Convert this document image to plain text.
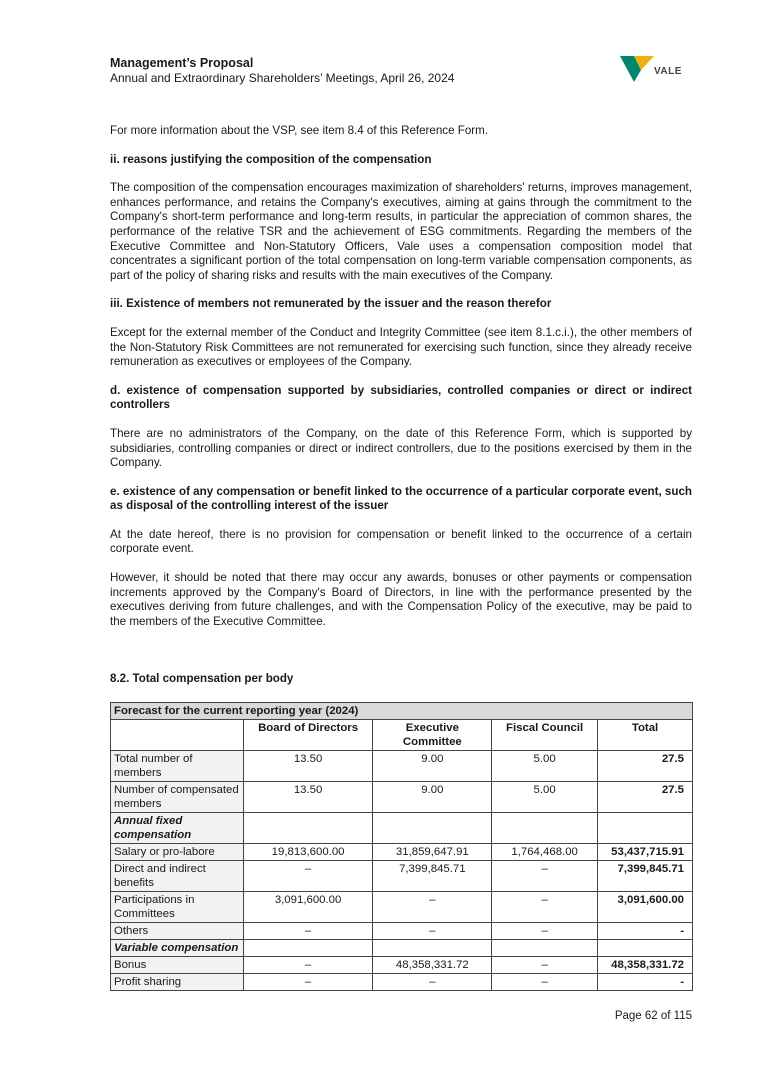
Management’s Proposal
Annual and Extraordinary Shareholders’ Meetings, April 26, 2024	VALE

For more information about the VSP, see item 8.4 of this Reference Form.

ii. reasons justifying the composition of the compensation

The composition of the compensation encourages maximization of shareholders' returns, improves management, enhances performance, and retains the Company's executives, aiming at gains through the commitment to the Company's short-term performance and long-term results, in particular the appreciation of common shares, the performance of the relative TSR and the achievement of ESG commitments. Regarding the members of the Executive Committee and Non-Statutory Officers, Vale uses a compensation composition model that concentrates a significant portion of the total compensation on long-term variable compensation components, as part of the policy of sharing risks and results with the main executives of the Company.

iii. Existence of members not remunerated by the issuer and the reason therefor

Except for the external member of the Conduct and Integrity Committee (see item 8.1.c.i.), the other members of the Non-Statutory Risk Committees are not remunerated for exercising such function, since they already receive remuneration as executives or employees of the Company.

d. existence of compensation supported by subsidiaries, controlled companies or direct or indirect controllers

There are no administrators of the Company, on the date of this Reference Form, which is supported by subsidiaries, controlling companies or direct or indirect controllers, due to the positions exercised by them in the Company.

e. existence of any compensation or benefit linked to the occurrence of a particular corporate event, such as disposal of the controlling interest of the issuer

At the date hereof, there is no provision for compensation or benefit linked to the occurrence of a certain corporate event.

However, it should be noted that there may occur any awards, bonuses or other payments or compensation increments approved by the Company's Board of Directors, in line with the performance presented by the executives deriving from future challenges, and with the Compensation Policy of the executive, may be paid to the members of the Executive Committee.

8.2. Total compensation per body
Forecast for the current reporting year (2024)				
	Board of Directors	Executive Committee	Fiscal Council	Total
Total number of members	13.50	9.00	5.00	27.5
Number of compensated members	13.50	9.00	5.00	27.5
Annual fixed compensation				
Salary or pro-labore	19,813,600.00	31,859,647.91	1,764,468.00	53,437,715.91
Direct and indirect benefits	–	7,399,845.71	–	7,399,845.71
Participations in Committees	3,091,600.00	–	–	3,091,600.00
Others	–	–	–	-
Variable compensation				
Bonus	–	48,358,331.72	–	48,358,331.72
Profit sharing	–	–	–	-
Page 62 of 115
